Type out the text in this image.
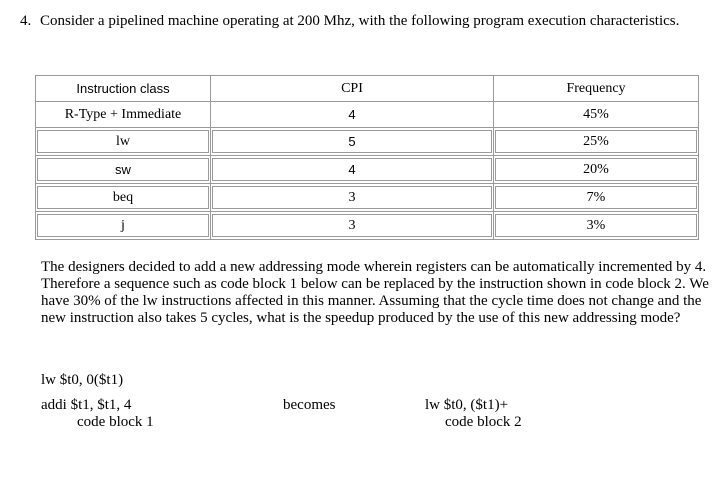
4. Consider a pipelined machine operating at 200 Mhz, with the following program execution characteristics.
Instruction class	CPI	Frequency
R-Type + Immediate	4	45%

lw	5	25%

sw	4	20%

beq	3	7%

j	3	3%
The designers decided to add a new addressing mode wherein registers can be automatically incremented by 4. Therefore a sequence such as code block 1 below can be replaced by the instruction shown in code block 2. We have 30% of the lw instructions affected in this manner. Assuming that the cycle time does not change and the new instruction also takes 5 cycles, what is the speedup produced by the use of this new addressing mode?
lw $t0, 0($t1)
addi $t1, $t1, 4
code block 1
becomes	lw $t0, ($t1)+
code block 2
